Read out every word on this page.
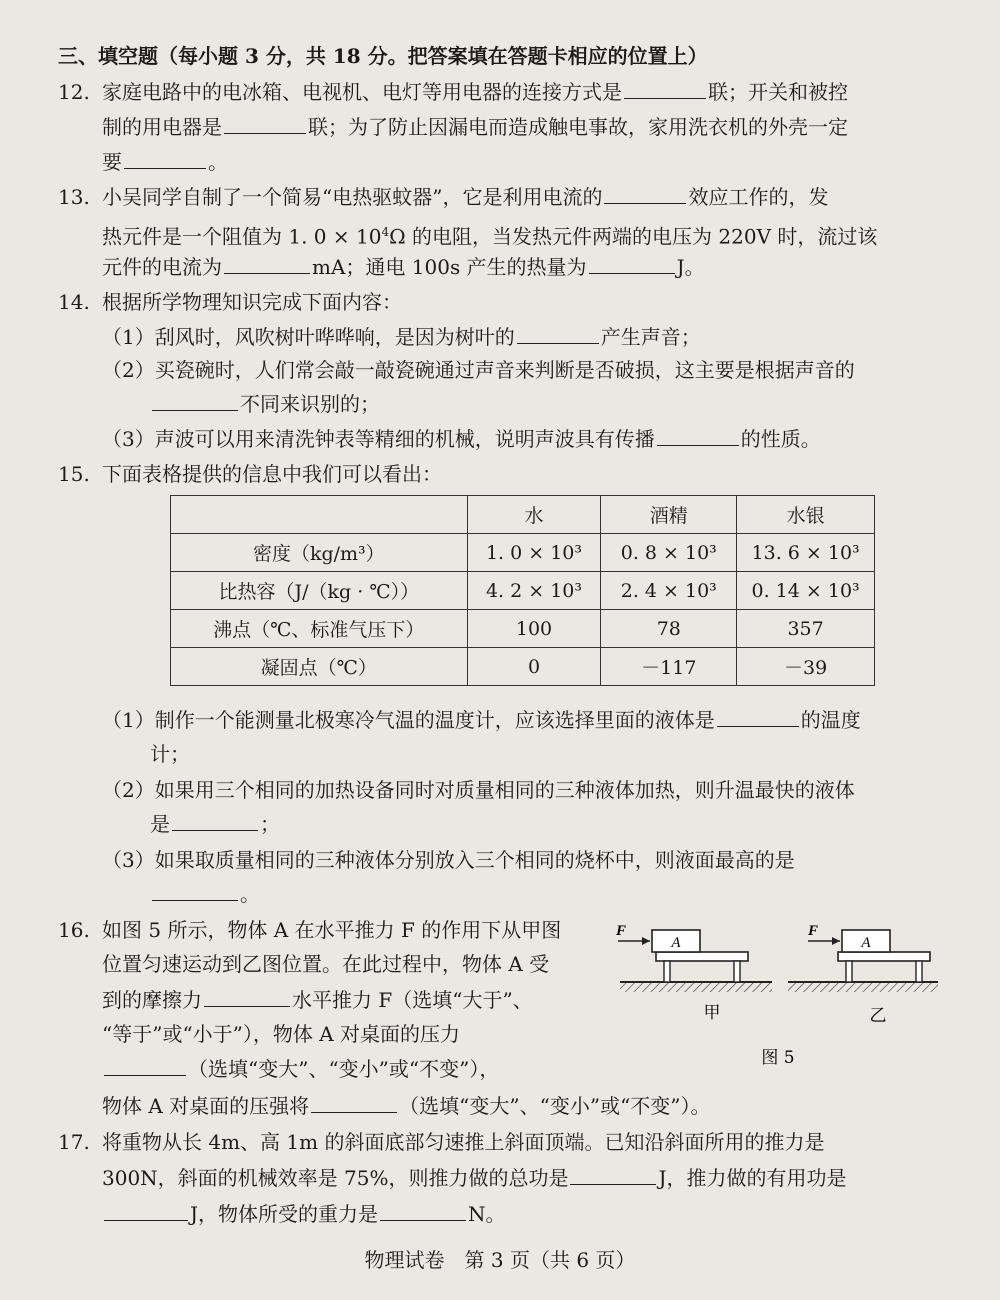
三、填空题（每小题 3 分，共 18 分。把答案填在答题卡相应的位置上）
12. 家庭电路中的电冰箱、电视机、电灯等用电器的连接方式是	联；开关和被控
制的用电器是	联；为了防止因漏电而造成触电事故，家用洗衣机的外壳一定
要	。
13. 小吴同学自制了一个简易“电热驱蚊器”，它是利用电流的	效应工作的，发
热元件是一个阻值为 1. $0 \times 10^4\Omega$ 的电阻，当发热元件两端的电压为 220V 时，流过该
元件的电流为	mA；通电 100s 产生的热量为	J。
14. 根据所学物理知识完成下面内容：
（1）刮风时，风吹树叶哗哗响，是因为树叶的	产生声音；
（2）买瓷碗时，人们常会敲一敲瓷碗通过声音来判断是否破损，这主要是根据声音的
不同来识别的；
（3）声波可以用来清洗钟表等精细的机械，说明声波具有传播	的性质。
15. 下面表格提供的信息中我们可以看出：
	水	酒精	水银
密度（kg/m³）	1. 0 × 10³	0. 8 × 10³	13. 6 × 10³
比热容（J/（kg · ℃））	4. 2 × 10³	2. 4 × 10³	0. 14 × 10³
沸点（℃、标准气压下）	100	78	357
凝固点（℃）	0	－117	－39
（1）制作一个能测量北极寒冷气温的温度计，应该选择里面的液体是	的温度
计；
（2）如果用三个相同的加热设备同时对质量相同的三种液体加热，则升温最快的液体
是	；
（3）如果取质量相同的三种液体分别放入三个相同的烧杯中，则液面最高的是
。
16. 如图 5 所示，物体 A 在水平推力 F 的作用下从甲图
位置匀速运动到乙图位置。在此过程中，物体 A 受
到的摩擦力	水平推力 F（选填“大于”、
“等于”或“小于”），物体 A 对桌面的压力
（选填“变大”、“变小”或“不变”），
物体 A 对桌面的压强将	（选填“变大”、“变小”或“不变”）。
A
F
甲
A
F
乙
图 5
17. 将重物从长 4m、高 1m 的斜面底部匀速推上斜面顶端。已知沿斜面所用的推力是
300N，斜面的机械效率是 75%，则推力做的总功是	J，推力做的有用功是
J，物体所受的重力是	N。
物理试卷　第 3 页（共 6 页）
